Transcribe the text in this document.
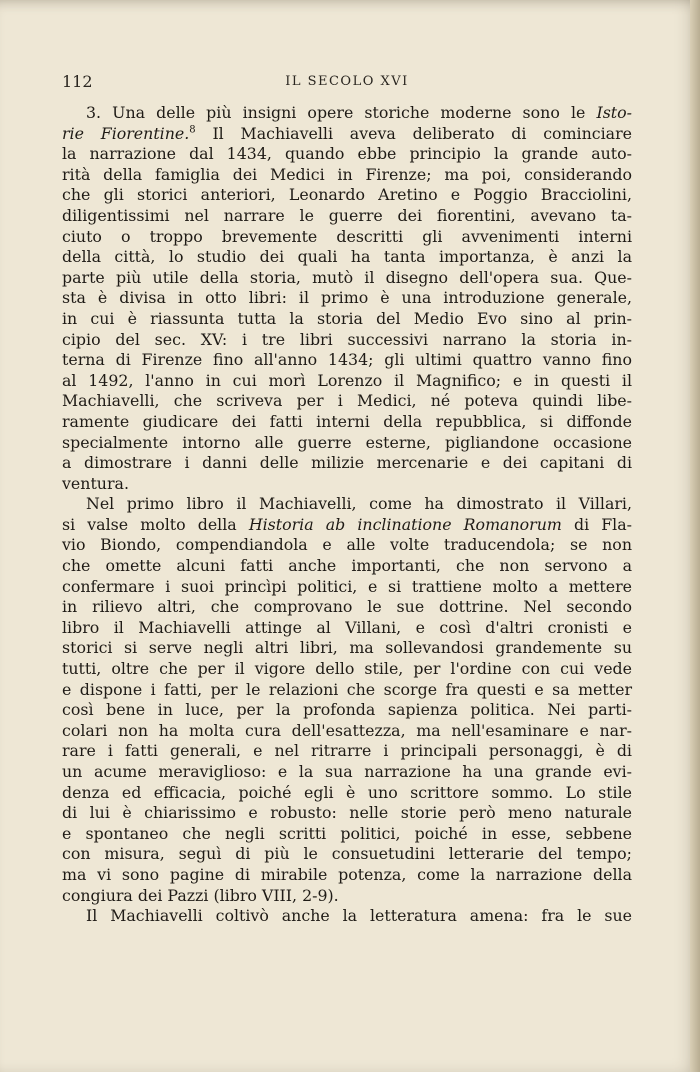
112	IL SECOLO XVI
3. Una delle più insigni opere storiche moderne sono le Isto-
rie Fiorentine.$^8$ Il Machiavelli aveva deliberato di cominciare
la narrazione dal 1434, quando ebbe principio la grande auto-
rità della famiglia dei Medici in Firenze; ma poi, considerando
che gli storici anteriori, Leonardo Aretino e Poggio Bracciolini,
diligentissimi nel narrare le guerre dei fiorentini, avevano ta-
ciuto o troppo brevemente descritti gli avvenimenti interni
della città, lo studio dei quali ha tanta importanza, è anzi la
parte più utile della storia, mutò il disegno dell'opera sua. Que-
sta è divisa in otto libri: il primo è una introduzione generale,
in cui è riassunta tutta la storia del Medio Evo sino al prin-
cipio del sec. XV: i tre libri successivi narrano la storia in-
terna di Firenze fino all'anno 1434; gli ultimi quattro vanno fino
al 1492, l'anno in cui morì Lorenzo il Magnifico; e in questi il
Machiavelli, che scriveva per i Medici, né poteva quindi libe-
ramente giudicare dei fatti interni della repubblica, si diffonde
specialmente intorno alle guerre esterne, pigliandone occasione
a dimostrare i danni delle milizie mercenarie e dei capitani di
ventura.
Nel primo libro il Machiavelli, come ha dimostrato il Villari,
si valse molto della Historia ab inclinatione Romanorum di Fla-
vio Biondo, compendiandola e alle volte traducendola; se non
che omette alcuni fatti anche importanti, che non servono a
confermare i suoi princìpi politici, e si trattiene molto a mettere
in rilievo altri, che comprovano le sue dottrine. Nel secondo
libro il Machiavelli attinge al Villani, e così d'altri cronisti e
storici si serve negli altri libri, ma sollevandosi grandemente su
tutti, oltre che per il vigore dello stile, per l'ordine con cui vede
e dispone i fatti, per le relazioni che scorge fra questi e sa metter
così bene in luce, per la profonda sapienza politica. Nei parti-
colari non ha molta cura dell'esattezza, ma nell'esaminare e nar-
rare i fatti generali, e nel ritrarre i principali personaggi, è di
un acume meraviglioso: e la sua narrazione ha una grande evi-
denza ed efficacia, poiché egli è uno scrittore sommo. Lo stile
di lui è chiarissimo e robusto: nelle storie però meno naturale
e spontaneo che negli scritti politici, poiché in esse, sebbene
con misura, seguì di più le consuetudini letterarie del tempo;
ma vi sono pagine di mirabile potenza, come la narrazione della
congiura dei Pazzi (libro VIII, 2-9).
Il Machiavelli coltivò anche la letteratura amena: fra le sue
